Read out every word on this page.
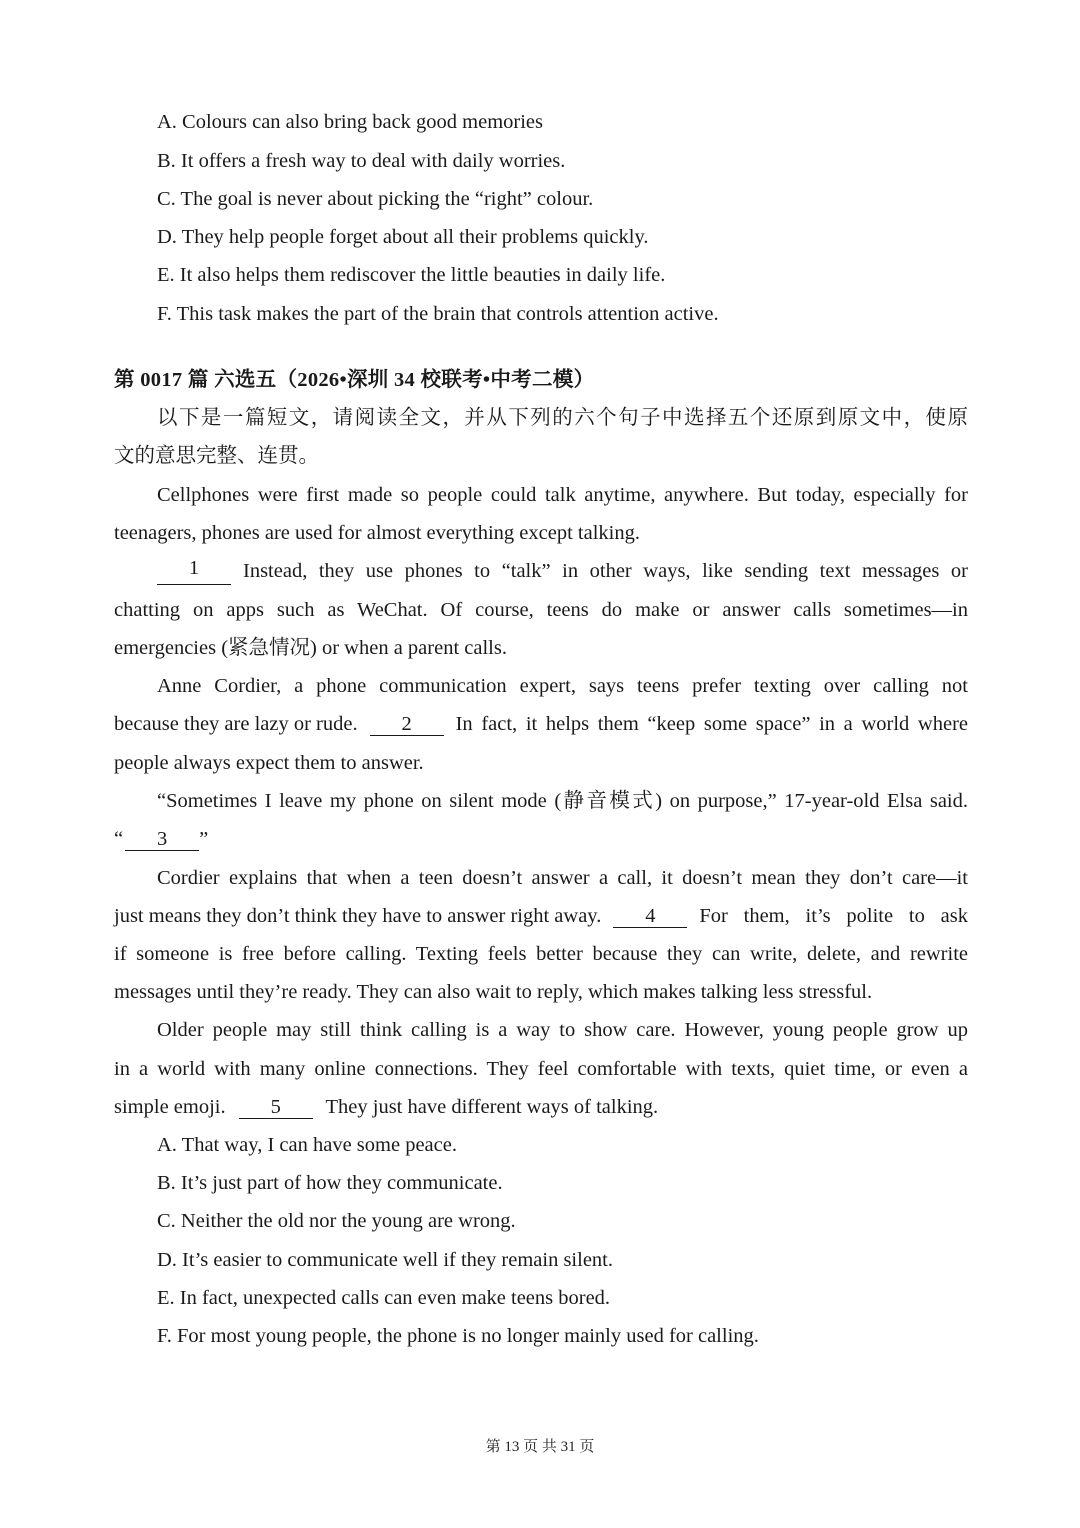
A. Colours can also bring back good memories
B. It offers a fresh way to deal with daily worries.
C. The goal is never about picking the “right” colour.
D. They help people forget about all their problems quickly.
E. It also helps them rediscover the little beauties in daily life.
F. This task makes the part of the brain that controls attention active.
第 0017 篇 六选五（2026•深圳 34 校联考•中考二模）
以下是一篇短文，请阅读全文，并从下列的六个句子中选择五个还原到原文中，使原
文的意思完整、连贯。
Cellphones were first made so people could talk anytime, anywhere. But today, especially for
teenagers, phones are used for almost everything except talking.
1	Instead, they use phones to “talk” in other ways, like sending text messages or
chatting on apps such as WeChat. Of course, teens do make or answer calls sometimes—in
emergencies (紧急情况) or when a parent calls.
Anne Cordier, a phone communication expert, says teens prefer texting over calling not
because they are lazy or rude.	2	In fact, it helps them “keep some space” in a world where
people always expect them to answer.
“Sometimes I leave my phone on silent mode (静音模式) on purpose,” 17-year-old Elsa said.
“ 3 ”
Cordier explains that when a teen doesn’t answer a call, it doesn’t mean they don’t care—it
just means they don’t think they have to answer right away.	4	For them, it’s polite to ask
if someone is free before calling. Texting feels better because they can write, delete, and rewrite
messages until they’re ready. They can also wait to reply, which makes talking less stressful.
Older people may still think calling is a way to show care. However, young people grow up
in a world with many online connections. They feel comfortable with texts, quiet time, or even a
simple emoji. 5 They just have different ways of talking.
A. That way, I can have some peace.
B. It’s just part of how they communicate.
C. Neither the old nor the young are wrong.
D. It’s easier to communicate well if they remain silent.
E. In fact, unexpected calls can even make teens bored.
F. For most young people, the phone is no longer mainly used for calling.
第 13 页 共 31 页
